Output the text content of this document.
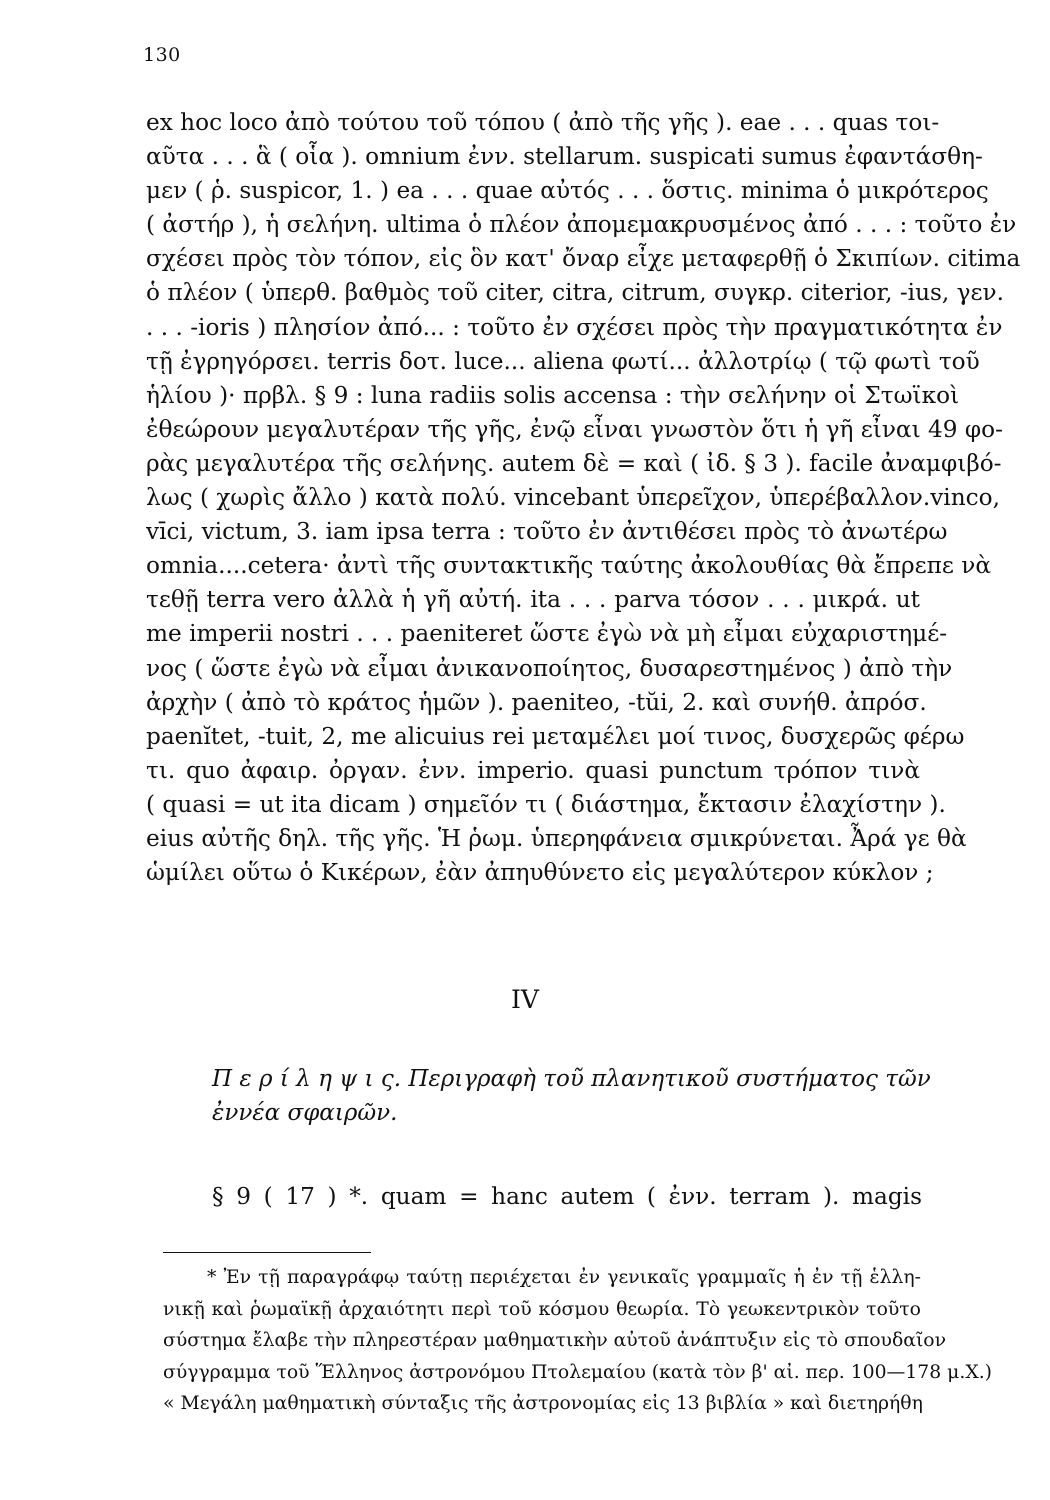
130
ex hoc loco ἀπὸ τούτου τοῦ τόπου ( ἀπὸ τῆς γῆς ). eae . . . quas τοι-
αῦτα . . . ἃ ( οἷα ). omnium ἐνν. stellarum. suspicati sumus ἐφαντάσθη-
μεν ( ῥ. suspicor, 1. ) ea . . . quae αὐτός . . . ὅστις. minima ὁ μικρότερος
( ἀστήρ ), ἡ σελήνη. ultima ὁ πλέον ἀπομεμακρυσμένος ἀπό . . . : τοῦτο ἐν
σχέσει πρὸς τὸν τόπον, εἰς ὃν κατ' ὄναρ εἶχε μεταφερθῇ ὁ Σκιπίων. citima
ὁ πλέον ( ὑπερθ. βαθμὸς τοῦ citer, citra, citrum, συγκρ. citerior, -ius, γεν.
. . . -ioris ) πλησίον ἀπό... : τοῦτο ἐν σχέσει πρὸς τὴν πραγματικότητα ἐν
τῇ ἐγρηγόρσει. terris δοτ. luce... aliena φωτί... ἀλλοτρίῳ ( τῷ φωτὶ τοῦ
ἡλίου )· πρβλ. § 9 : luna radiis solis accensa : τὴν σελήνην οἱ Στωϊκοὶ
ἐθεώρουν μεγαλυτέραν τῆς γῆς, ἐνῷ εἶναι γνωστὸν ὅτι ἡ γῆ εἶναι 49 φο-
ρὰς μεγαλυτέρα τῆς σελήνης. autem δὲ = καὶ ( ἰδ. § 3 ). facile ἀναμφιβό-
λως ( χωρὶς ἄλλο ) κατὰ πολύ. vincebant ὑπερεῖχον, ὑπερέβαλλον.vinco,
vīci, victum, 3. iam ipsa terra : τοῦτο ἐν ἀντιθέσει πρὸς τὸ ἀνωτέρω
omnia....cetera· ἀντὶ τῆς συντακτικῆς ταύτης ἀκολουθίας θὰ ἔπρεπε νὰ
τεθῇ terra vero ἀλλὰ ἡ γῆ αὐτή. ita . . . parva τόσον . . . μικρά. ut
me imperii nostri . . . paeniteret ὥστε ἐγὼ νὰ μὴ εἶμαι εὐχαριστημέ-
νος ( ὥστε ἐγὼ νὰ εἶμαι ἀνικανοποίητος, δυσαρεστημένος ) ἀπὸ τὴν
ἀρχὴν ( ἀπὸ τὸ κράτος ἡμῶν ). paeniteo, -tŭi, 2. καὶ συνήθ. ἀπρόσ.
paenĭtet, -tuit, 2, me alicuius rei μεταμέλει μοί τινος, δυσχερῶς φέρω
τι. quo ἀφαιρ. ὀργαν. ἐνν. imperio. quasi punctum τρόπον τινὰ
( quasi = ut ita dicam ) σημεῖόν τι ( διάστημα, ἔκτασιν ἐλαχίστην ).
eius αὐτῆς δηλ. τῆς γῆς. Ἡ ῥωμ. ὑπερηφάνεια σμικρύνεται. Ἆρά γε θὰ
ὡμίλει οὕτω ὁ Κικέρων, ἐὰν ἀπηυθύνετο εἰς μεγαλύτερον κύκλον ;
IV
Π ε ρ ί λ η ψ ι ς. Περιγραφὴ τοῦ πλανητικοῦ συστήματος τῶν
ἐννέα σφαιρῶν.
§ 9 ( 17 ) *. quam = hanc autem ( ἐνν. terram ). magis
* Ἐν τῇ παραγράφῳ ταύτῃ περιέχεται ἐν γενικαῖς γραμμαῖς ἡ ἐν τῇ ἑλλη-
νικῇ καὶ ῥωμαϊκῇ ἀρχαιότητι περὶ τοῦ κόσμου θεωρία. Τὸ γεωκεντρικὸν τοῦτο
σύστημα ἔλαβε τὴν πληρεστέραν μαθηματικὴν αὐτοῦ ἀνάπτυξιν εἰς τὸ σπουδαῖον
σύγγραμμα τοῦ Ἕλληνος ἀστρονόμου Πτολεμαίου (κατὰ τὸν β' αἰ. περ. 100—178 μ.Χ.)
« Μεγάλη μαθηματικὴ σύνταξις τῆς ἀστρονομίας εἰς 13 βιβλία » καὶ διετηρήθη
